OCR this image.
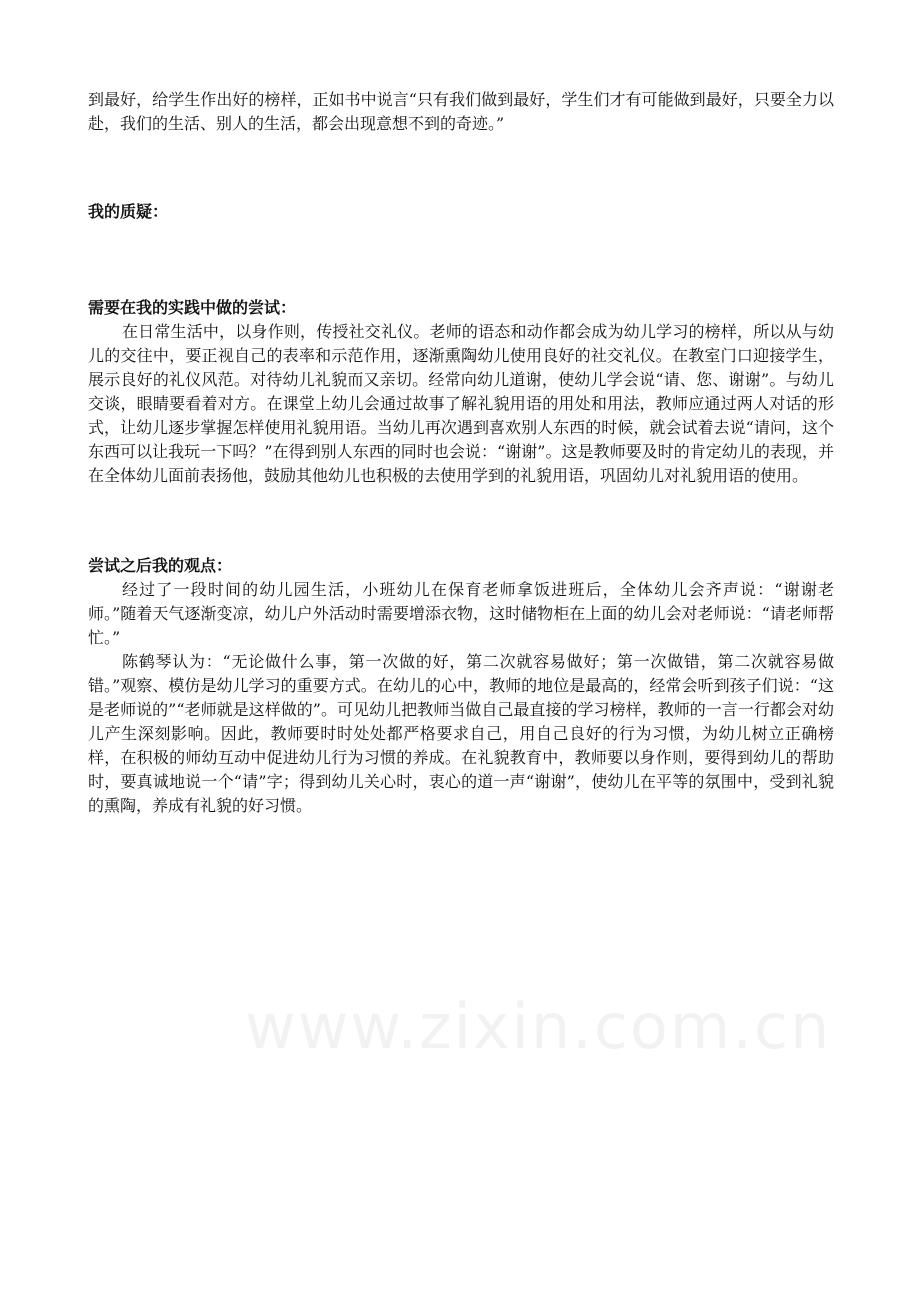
到最好，给学生作出好的榜样，正如书中说言“只有我们做到最好，学生们才有可能做到最好，只要全力以赴，我们的生活、别人的生活，都会出现意想不到的奇迹。”

我的质疑：

需要在我的实践中做的尝试：

在日常生活中，以身作则，传授社交礼仪。老师的语态和动作都会成为幼儿学习的榜样，所以从与幼儿的交往中，要正视自己的表率和示范作用，逐渐熏陶幼儿使用良好的社交礼仪。在教室门口迎接学生，展示良好的礼仪风范。对待幼儿礼貌而又亲切。经常向幼儿道谢，使幼儿学会说“请、您、谢谢”。与幼儿交谈，眼睛要看着对方。在课堂上幼儿会通过故事了解礼貌用语的用处和用法，教师应通过两人对话的形式，让幼儿逐步掌握怎样使用礼貌用语。当幼儿再次遇到喜欢别人东西的时候，就会试着去说“请问，这个东西可以让我玩一下吗？”在得到别人东西的同时也会说：“谢谢”。这是教师要及时的肯定幼儿的表现，并在全体幼儿面前表扬他，鼓励其他幼儿也积极的去使用学到的礼貌用语，巩固幼儿对礼貌用语的使用。

尝试之后我的观点：

经过了一段时间的幼儿园生活，小班幼儿在保育老师拿饭进班后，全体幼儿会齐声说：“谢谢老师。”随着天气逐渐变凉，幼儿户外活动时需要增添衣物，这时储物柜在上面的幼儿会对老师说：“请老师帮忙。”

陈鹤琴认为：“无论做什么事，第一次做的好，第二次就容易做好；第一次做错，第二次就容易做错。”观察、模仿是幼儿学习的重要方式。在幼儿的心中，教师的地位是最高的，经常会听到孩子们说：“这是老师说的”“老师就是这样做的”。可见幼儿把教师当做自己最直接的学习榜样，教师的一言一行都会对幼儿产生深刻影响。因此，教师要时时处处都严格要求自己，用自己良好的行为习惯，为幼儿树立正确榜样，在积极的师幼互动中促进幼儿行为习惯的养成。在礼貌教育中，教师要以身作则，要得到幼儿的帮助时，要真诚地说一个“请”字；得到幼儿关心时，衷心的道一声“谢谢”，使幼儿在平等的氛围中，受到礼貌的熏陶，养成有礼貌的好习惯。

www.zixin.com.cn
